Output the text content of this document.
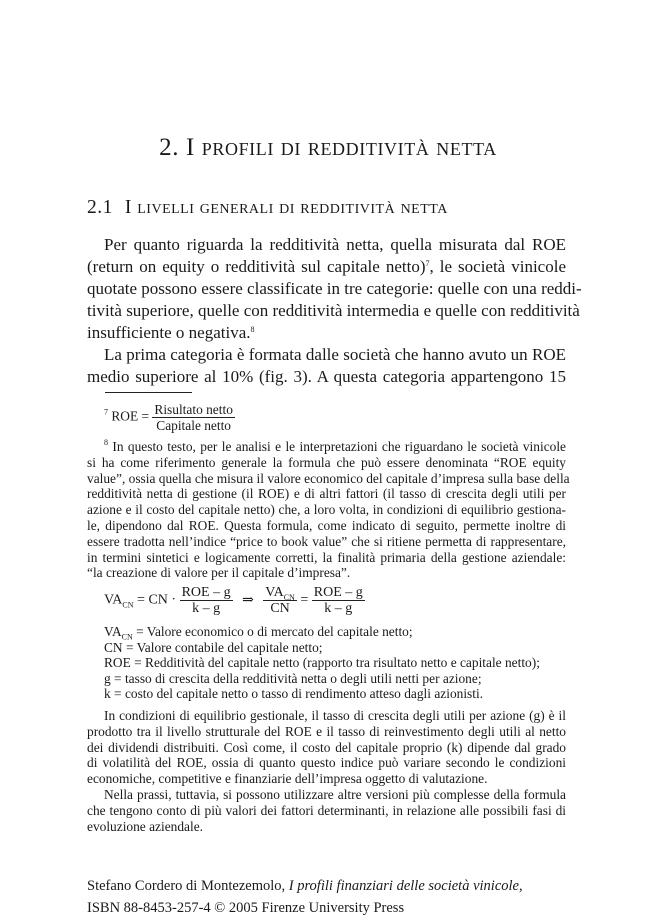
2. I profili di redditività netta
2.1 I livelli generali di redditività netta
Per quanto riguarda la redditività netta, quella misurata dal ROE
(return on equity o redditività sul capitale netto)$^7$, le società vinicole
quotate possono essere classificate in tre categorie: quelle con una reddi-
tività superiore, quelle con redditività intermedia e quelle con redditività
insufficiente o negativa.$^8$
La prima categoria è formata dalle società che hanno avuto un ROE
medio superiore al 10% (fig. 3). A questa categoria appartengono 15
$^7$ ROE = $\frac{\text{Risultato netto}}{\text{Capitale netto}}$
$^8$ In questo testo, per le analisi e le interpretazioni che riguardano le società vinicole
si ha come riferimento generale la formula che può essere denominata “ROE equity
value”, ossia quella che misura il valore economico del capitale d’impresa sulla base della
redditività netta di gestione (il ROE) e di altri fattori (il tasso di crescita degli utili per
azione e il costo del capitale netto) che, a loro volta, in condizioni di equilibrio gestiona-
le, dipendono dal ROE. Questa formula, come indicato di seguito, permette inoltre di
essere tradotta nell’indice “price to book value” che si ritiene permetta di rappresentare,
in termini sintetici e logicamente corretti, la finalità primaria della gestione aziendale:
“la creazione di valore per il capitale d’impresa”.
$VA_{CN}$ = CN · $\frac{\text{ROE – g}}{k - g}$ ⇒ $\frac{VA_{CN}}{CN} = \frac{\text{ROE – g}}{k - g}$
$VA_{CN}$ = Valore economico o di mercato del capitale netto;
CN = Valore contabile del capitale netto;
ROE = Redditività del capitale netto (rapporto tra risultato netto e capitale netto);
g = tasso di crescita della redditività netta o degli utili netti per azione;
k = costo del capitale netto o tasso di rendimento atteso dagli azionisti.
In condizioni di equilibrio gestionale, il tasso di crescita degli utili per azione (g) è il
prodotto tra il livello strutturale del ROE e il tasso di reinvestimento degli utili al netto
dei dividendi distribuiti. Così come, il costo del capitale proprio (k) dipende dal grado
di volatilità del ROE, ossia di quanto questo indice può variare secondo le condizioni
economiche, competitive e finanziarie dell’impresa oggetto di valutazione.
Nella prassi, tuttavia, si possono utilizzare altre versioni più complesse della formula
che tengono conto di più valori dei fattori determinanti, in relazione alle possibili fasi di
evoluzione aziendale.
Stefano Cordero di Montezemolo, I profili finanziari delle società vinicole,
ISBN 88-8453-257-4 © 2005 Firenze University Press
